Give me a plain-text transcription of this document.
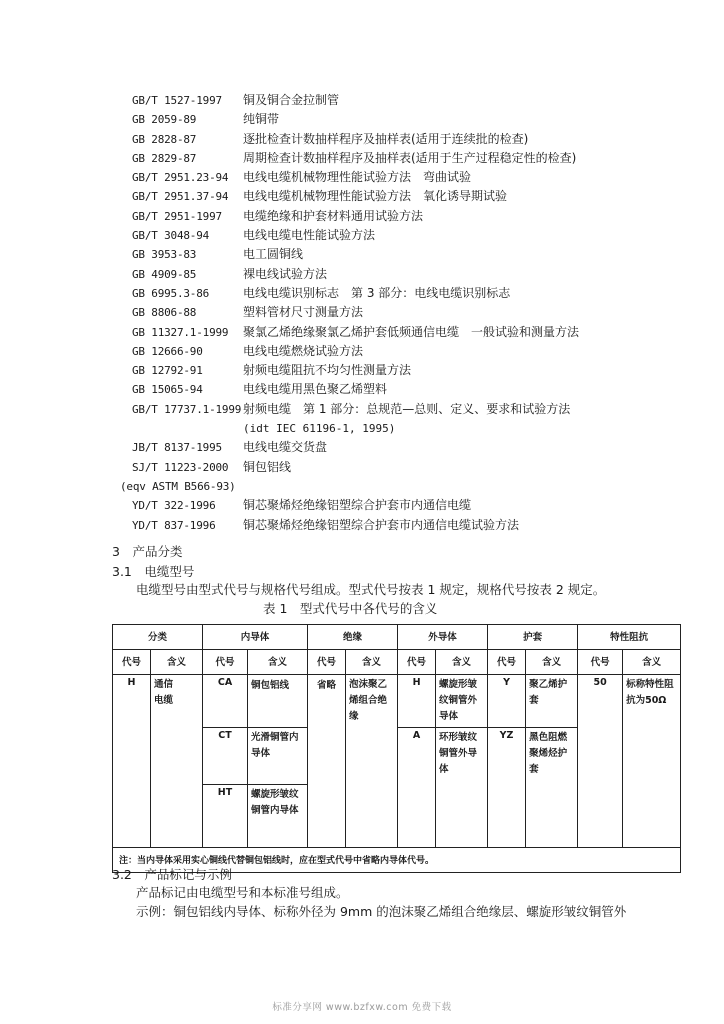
GB/T 1527-1997 铜及铜合金拉制管
GB 2059-89	纯铜带
GB 2828-87	逐批检查计数抽样程序及抽样表(适用于连续批的检查)
GB 2829-87	周期检查计数抽样程序及抽样表(适用于生产过程稳定性的检查)
GB/T 2951.23-94 电线电缆机械物理性能试验方法　弯曲试验
GB/T 2951.37-94 电线电缆机械物理性能试验方法　氧化诱导期试验
GB/T 2951-1997 电缆绝缘和护套材料通用试验方法
GB/T 3048-94	电线电缆电性能试验方法
GB 3953-83	电工圆铜线
GB 4909-85	裸电线试验方法
GB 6995.3-86	电线电缆识别标志　第 3 部分：电线电缆识别标志
GB 8806-88	塑料管材尺寸测量方法
GB 11327.1-1999 聚氯乙烯绝缘聚氯乙烯护套低频通信电缆　一般试验和测量方法
GB 12666-90	电线电缆燃烧试验方法
GB 12792-91	射频电缆阻抗不均匀性测量方法
GB 15065-94	电线电缆用黑色聚乙烯塑料
GB/T 17737.1-1999 射频电缆　第 1 部分：总规范—总则、定义、要求和试验方法
(idt IEC 61196-1, 1995)
JB/T 8137-1995 电线电缆交货盘
SJ/T 11223-2000 铜包铝线
(eqv ASTM B566-93)
YD/T 322-1996 铜芯聚烯烃绝缘铝塑综合护套市内通信电缆
YD/T 837-1996 铜芯聚烯烃绝缘铝塑综合护套市内通信电缆试验方法
3　产品分类
3.1　电缆型号
电缆型号由型式代号与规格代号组成。型式代号按表 1 规定，规格代号按表 2 规定。
表 1　型式代号中各代号的含义
分类		内导体		绝缘		外导体		护套		特性阻抗	
代号	含义	代号	含义	代号	含义	代号	含义	代号	含义	代号	含义
H	通信电缆	CA	铜包铝线	省略	泡沫聚乙烯组合绝缘	H	螺旋形皱纹铜管外导体	Y	聚乙烯护套	50	标称特性阻抗为50Ω

		CT	光滑铜管内导体			A	环形皱纹铜管外导体	YZ	黑色阻燃聚烯烃护套		

		HT	螺旋形皱纹铜管内导体								

注：当内导体采用实心铜线代替铜包铝线时，应在型式代号中省略内导体代号。											
3.2　产品标记与示例
产品标记由电缆型号和本标准号组成。
示例：铜包铝线内导体、标称外径为 9mm 的泡沫聚乙烯组合绝缘层、螺旋形皱纹铜管外
标准分享网 www.bzfxw.com 免费下载
